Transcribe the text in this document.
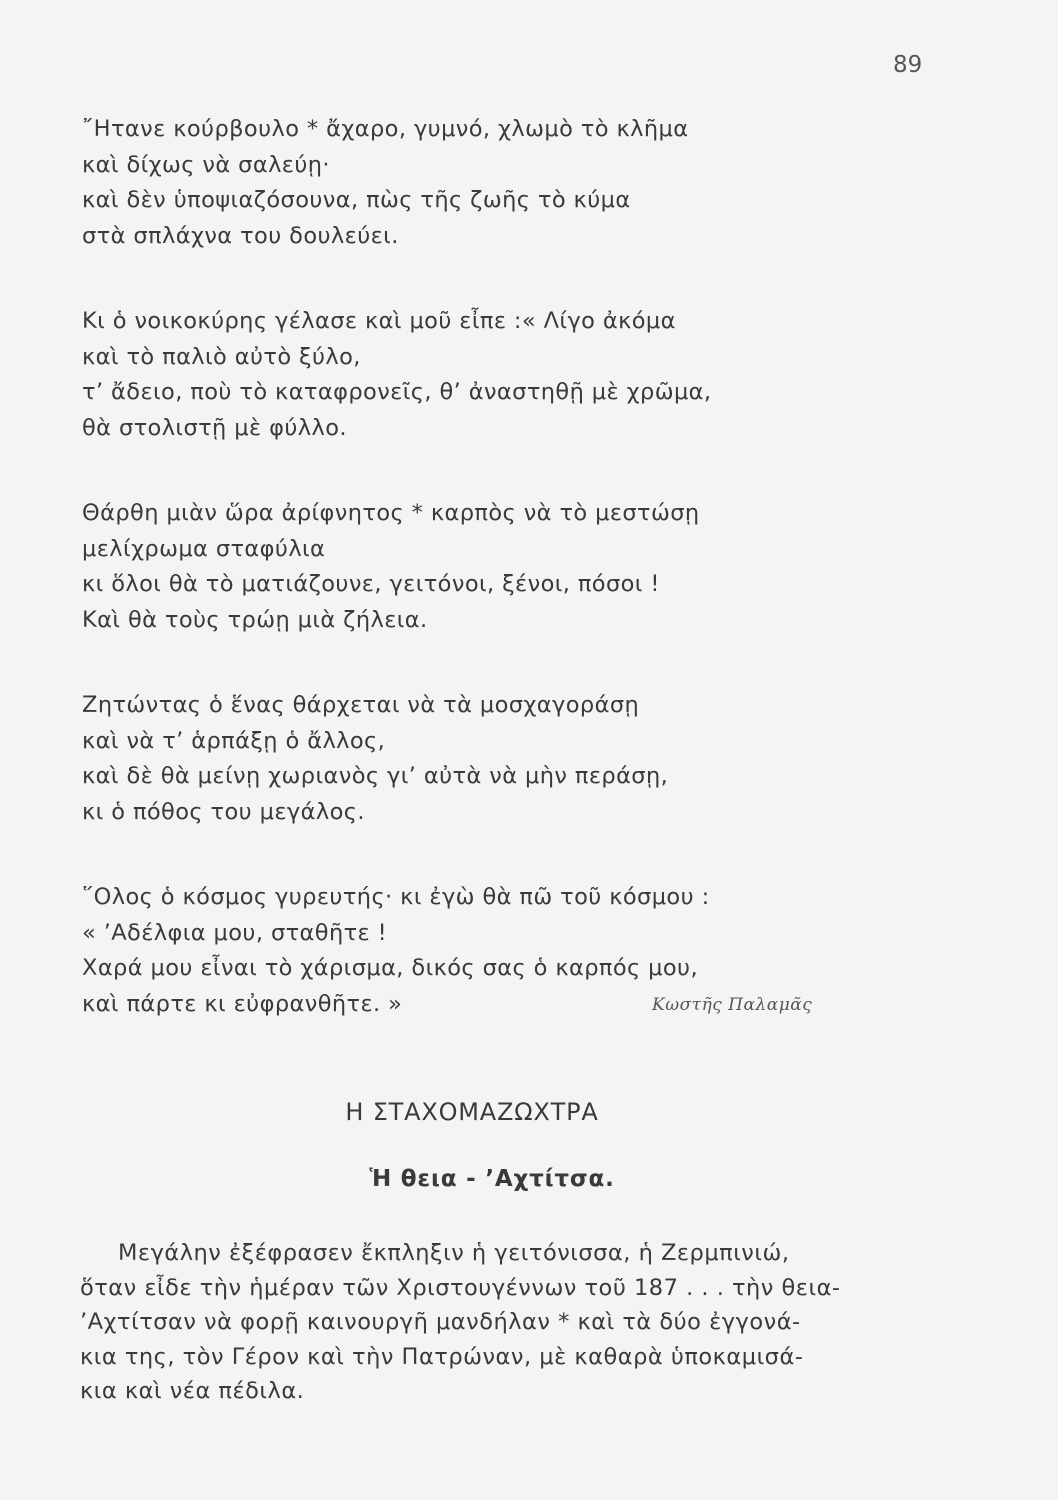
89
῎Ητανε κούρβουλο * ἄχαρο, γυμνό, χλωμὸ τὸ κλῆμα
καὶ δίχως νὰ σαλεύῃ·
καὶ δὲν ὑποψιαζόσουνα, πὼς τῆς ζωῆς τὸ κύμα
στὰ σπλάχνα του δουλεύει.
Κι ὁ νοικοκύρης γέλασε καὶ μοῦ εἶπε :« Λίγο ἀκόμα
καὶ τὸ παλιὸ αὐτὸ ξύλο,
τ’ ἄδειο, ποὺ τὸ καταφρονεῖς, θ’ ἀναστηθῇ μὲ χρῶμα,
θὰ στολιστῇ μὲ φύλλο.
Θάρθη μιὰν ὥρα ἀρίφνητος * καρπὸς νὰ τὸ μεστώσῃ
μελίχρωμα σταφύλια
κι ὅλοι θὰ τὸ ματιάζουνε, γειτόνοι, ξένοι, πόσοι !
Καὶ θὰ τοὺς τρώῃ μιὰ ζήλεια.
Ζητώντας ὁ ἕνας θάρχεται νὰ τὰ μοσχαγοράσῃ
καὶ νὰ τ’ ἁρπάξῃ ὁ ἄλλος,
καὶ δὲ θὰ μείνῃ χωριανὸς γι’ αὐτὰ νὰ μὴν περάσῃ,
κι ὁ πόθος του μεγάλος.
῞Ολος ὁ κόσμος γυρευτής· κι ἐγὼ θὰ πῶ τοῦ κόσμου :
« ’Αδέλφια μου, σταθῆτε !
Χαρά μου εἶναι τὸ χάρισμα, δικός σας ὁ καρπός μου,
καὶ πάρτε κι εὐφρανθῆτε. »	Κωστῆς Παλαμᾶς
Η ΣΤΑΧΟΜΑΖΩΧΤΡΑ
Ἡ θεια - ’Αχτίτσα.
Μεγάλην ἐξέφρασεν ἔκπληξιν ἡ γειτόνισσα, ἡ Ζερμπινιώ,
ὅταν εἶδε τὴν ἡμέραν τῶν Χριστουγέννων τοῦ 187 . . . τὴν θεια-
’Αχτίτσαν νὰ φορῇ καινουργῆ μανδήλαν * καὶ τὰ δύο ἐγγονά-
κια της, τὸν Γέρον καὶ τὴν Πατρώναν, μὲ καθαρὰ ὑποκαμισά-
κια καὶ νέα πέδιλα.
